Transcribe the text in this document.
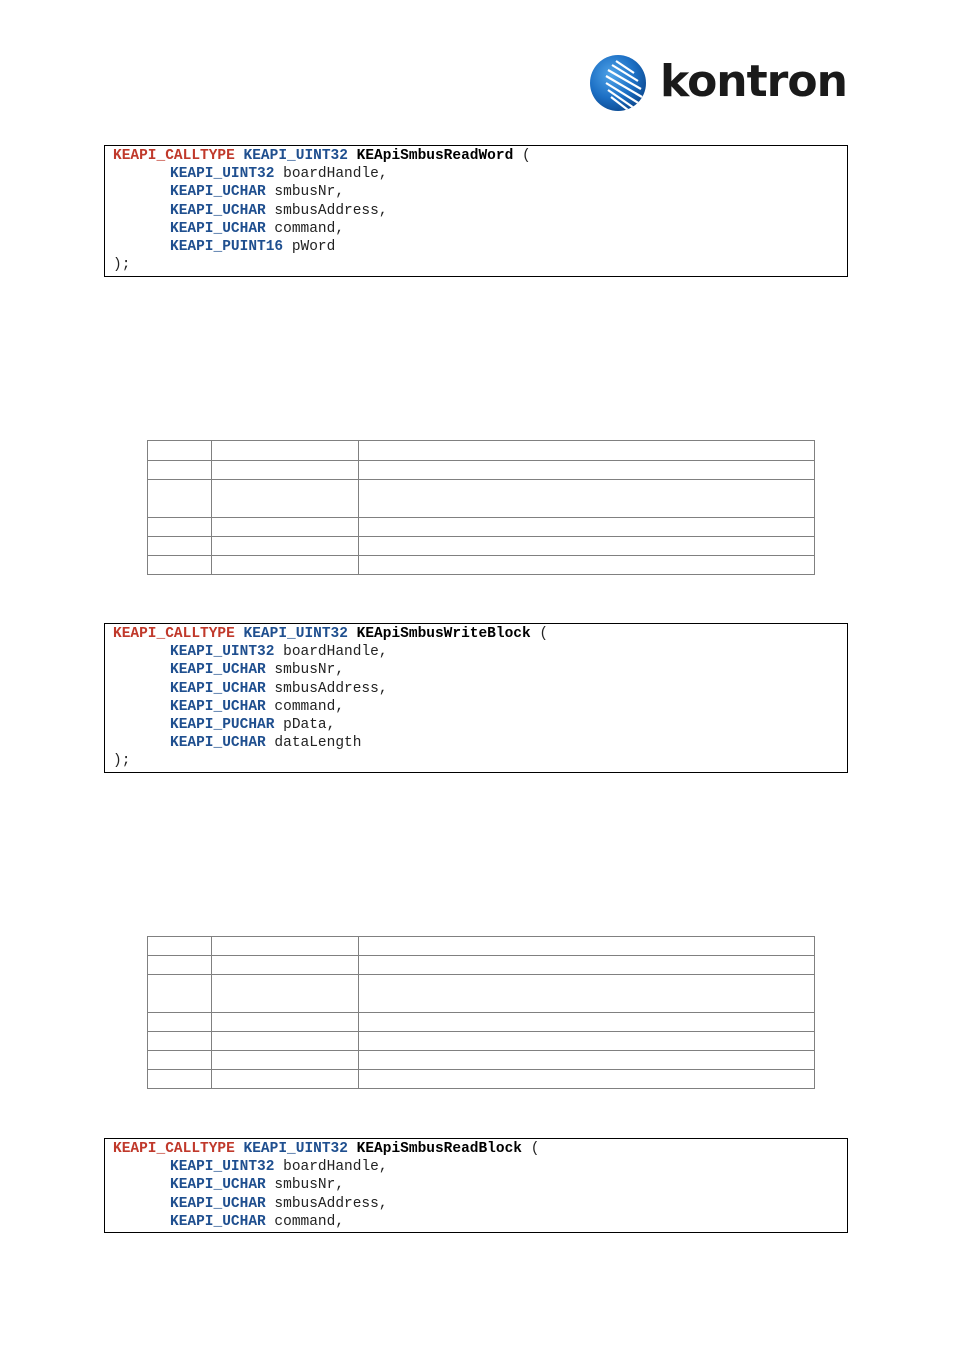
kontron
KEAPI_CALLTYPE KEAPI_UINT32 KEApiSmbusReadWord (
KEAPI_UINT32 boardHandle,
KEAPI_UCHAR smbusNr,
KEAPI_UCHAR smbusAddress,
KEAPI_UCHAR command,
KEAPI_PUINT16 pWord
);

KEAPI_CALLTYPE KEAPI_UINT32 KEApiSmbusWriteBlock (
KEAPI_UINT32 boardHandle,
KEAPI_UCHAR smbusNr,
KEAPI_UCHAR smbusAddress,
KEAPI_UCHAR command,
KEAPI_PUCHAR pData,
KEAPI_UCHAR dataLength
);

KEAPI_CALLTYPE KEAPI_UINT32 KEApiSmbusReadBlock (
KEAPI_UINT32 boardHandle,
KEAPI_UCHAR smbusNr,
KEAPI_UCHAR smbusAddress,
KEAPI_UCHAR command,
